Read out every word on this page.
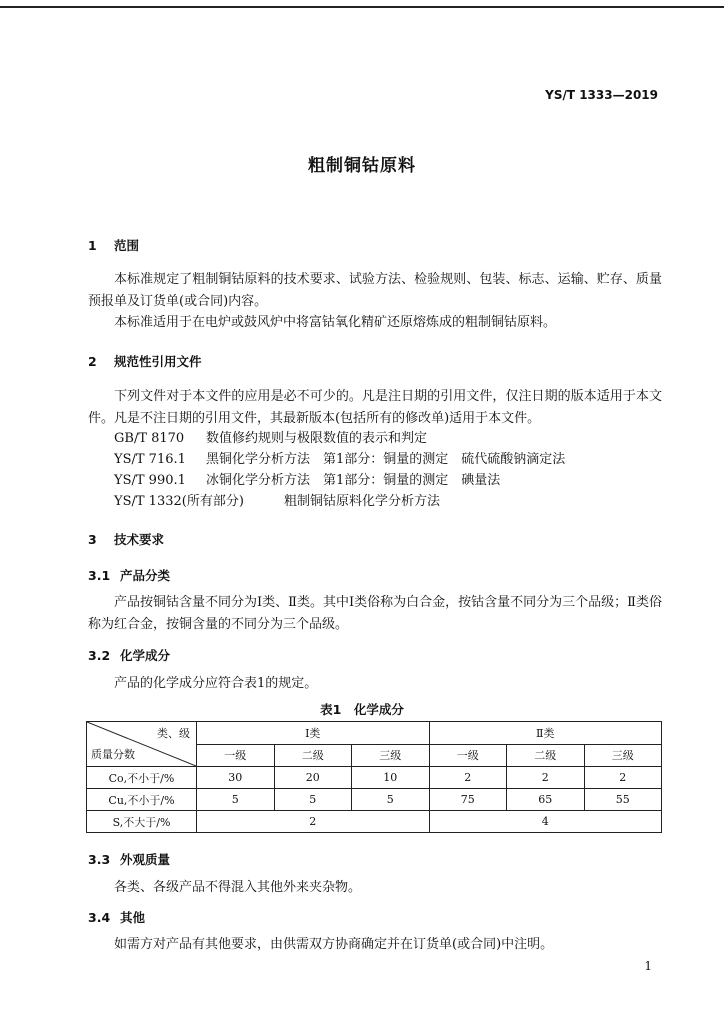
YS/T 1333—2019
粗制铜钴原料
1 范围
本标准规定了粗制铜钴原料的技术要求、试验方法、检验规则、包装、标志、运输、贮存、质量预报单及订货单(或合同)内容。
本标准适用于在电炉或鼓风炉中将富钴氧化精矿还原熔炼成的粗制铜钴原料。
2 规范性引用文件
下列文件对于本文件的应用是必不可少的。凡是注日期的引用文件，仅注日期的版本适用于本文件。凡是不注日期的引用文件，其最新版本(包括所有的修改单)适用于本文件。
GB/T 8170 数值修约规则与极限数值的表示和判定
YS/T 716.1 黑铜化学分析方法　第1部分：铜量的测定　硫代硫酸钠滴定法
YS/T 990.1 冰铜化学分析方法　第1部分：铜量的测定　碘量法
YS/T 1332(所有部分)	粗制铜钴原料化学分析方法
3 技术要求
3.1 产品分类
产品按铜钴含量不同分为Ⅰ类、Ⅱ类。其中Ⅰ类俗称为白合金，按钴含量不同分为三个品级；Ⅱ类俗称为红合金，按铜含量的不同分为三个品级。
3.2 化学成分
产品的化学成分应符合表1的规定。
表1　化学成分
类、级
质量分数	Ⅰ类			Ⅱ类		
	一级	二级	三级	一级	二级	三级
Co,不小于/%	30	20	10	2	2	2
Cu,不小于/%	5	5	5	75	65	55
S,不大于/%	2			4		
3.3 外观质量
各类、各级产品不得混入其他外来夹杂物。
3.4 其他
如需方对产品有其他要求，由供需双方协商确定并在订货单(或合同)中注明。
1
